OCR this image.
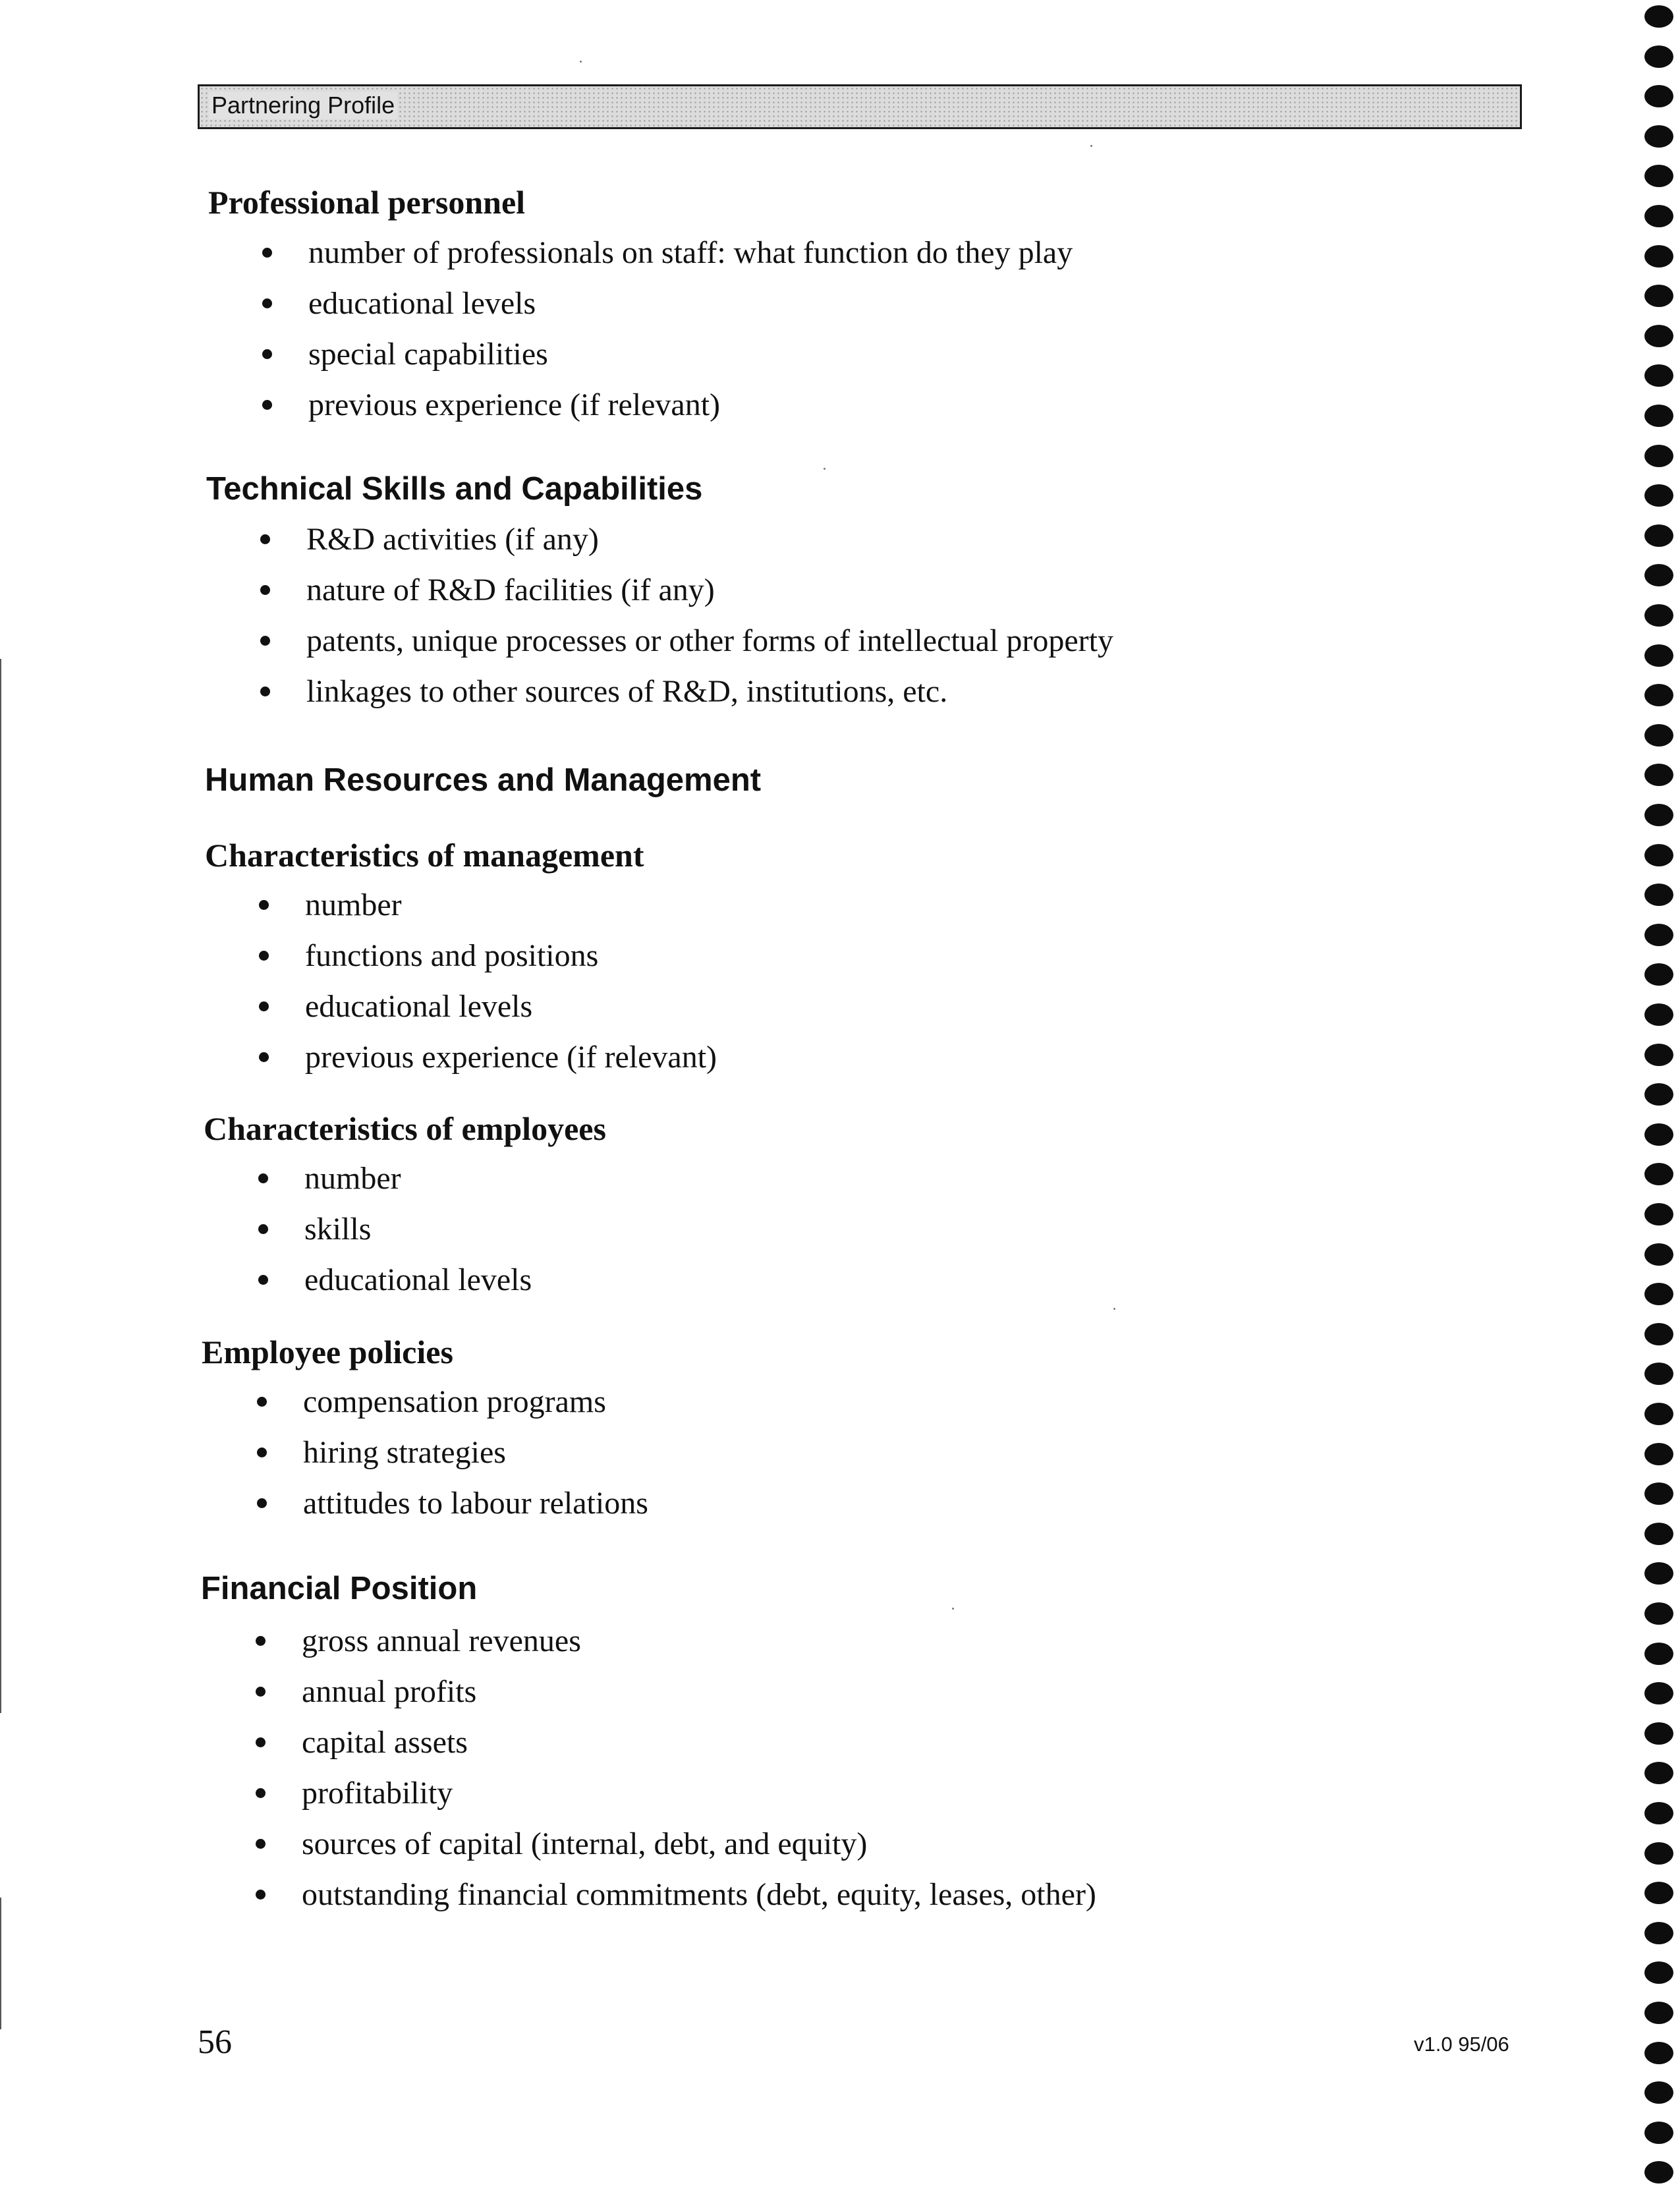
Partnering Profile
Professional personnel
number of professionals on staff: what function do they play
educational levels
special capabilities
previous experience (if relevant)
Technical Skills and Capabilities
R&D activities (if any)
nature of R&D facilities (if any)
patents, unique processes or other forms of intellectual property
linkages to other sources of R&D, institutions, etc.
Human Resources and Management
Characteristics of management
number
functions and positions
educational levels
previous experience (if relevant)
Characteristics of employees
number
skills
educational levels
Employee policies
compensation programs
hiring strategies
attitudes to labour relations
Financial Position
gross annual revenues
annual profits
capital assets
profitability
sources of capital (internal, debt, and equity)
outstanding financial commitments (debt, equity, leases, other)
56	v1.0 95/06
